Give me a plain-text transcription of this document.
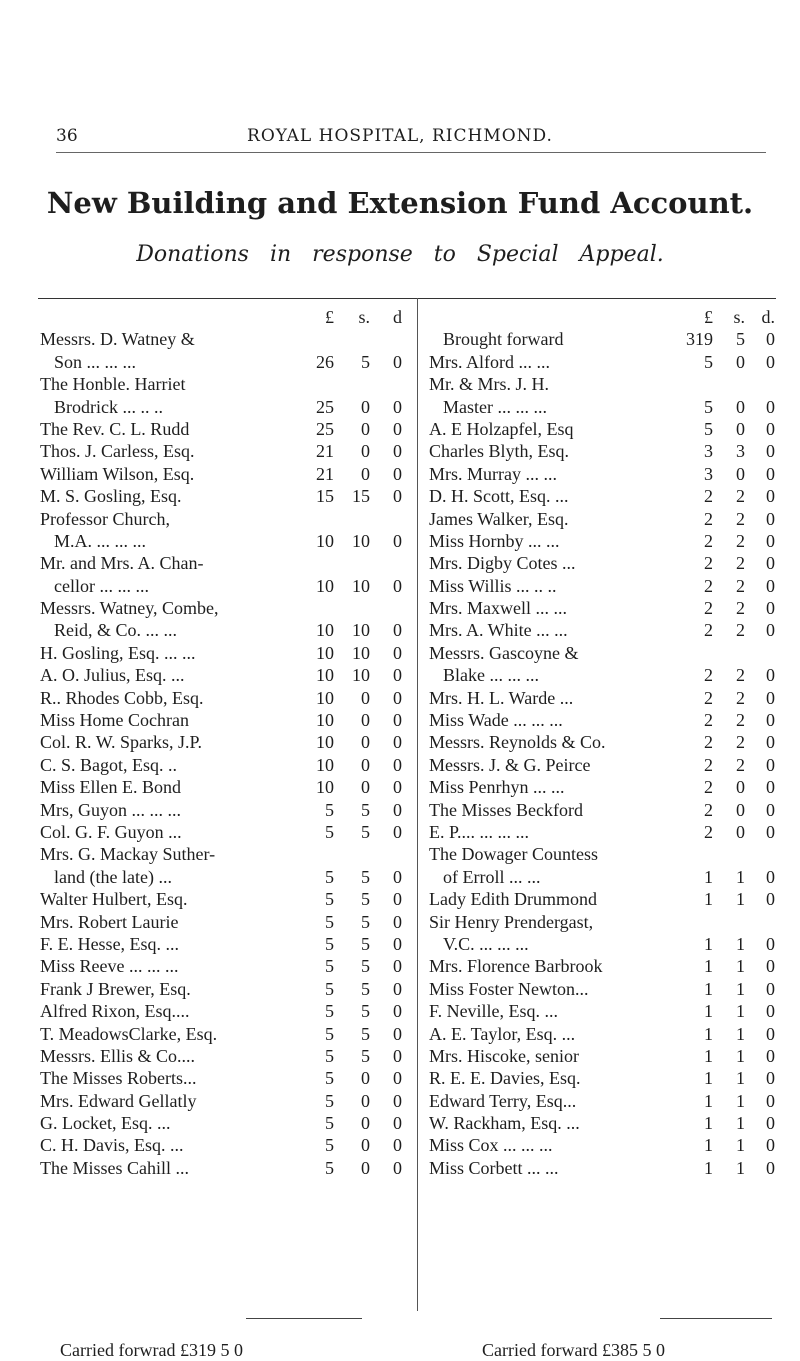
36	ROYAL HOSPITAL, RICHMOND.
New Building and Extension Fund Account.
Donations in response to Special Appeal.
£	s.	d
Messrs. D. Watney &
Son ... ... ...	26	5	0
The Honble. Harriet
Brodrick ... .. ..	25	0	0
The Rev. C. L. Rudd	25	0	0
Thos. J. Carless, Esq.	21	0	0
William Wilson, Esq.	21	0	0
M. S. Gosling, Esq.	15	15	0
Professor Church,
M.A. ... ... ...	10	10	0
Mr. and Mrs. A. Chan-
cellor ... ... ...	10	10	0
Messrs. Watney, Combe,
Reid, & Co. ... ...	10	10	0
H. Gosling, Esq. ... ...	10	10	0
A. O. Julius, Esq. ...	10	10	0
R.. Rhodes Cobb, Esq.	10	0	0
Miss Home Cochran	10	0	0
Col. R. W. Sparks, J.P.	10	0	0
C. S. Bagot, Esq. ..	10	0	0
Miss Ellen E. Bond	10	0	0
Mrs, Guyon ... ... ...	5	5	0
Col. G. F. Guyon ...	5	5	0
Mrs. G. Mackay Suther-
land (the late) ...	5	5	0
Walter Hulbert, Esq.	5	5	0
Mrs. Robert Laurie	5	5	0
F. E. Hesse, Esq. ...	5	5	0
Miss Reeve ... ... ...	5	5	0
Frank J Brewer, Esq.	5	5	0
Alfred Rixon, Esq....	5	5	0
T. MeadowsClarke, Esq.	5	5	0
Messrs. Ellis & Co....	5	5	0
The Misses Roberts...	5	0	0
Mrs. Edward Gellatly	5	0	0
G. Locket, Esq. ...	5	0	0
C. H. Davis, Esq. ...	5	0	0
The Misses Cahill ...	5	0	0
£	s. d.
Brought forward	319	5	0
Mrs. Alford ... ...	5	0	0
Mr. & Mrs. J. H.
Master ... ... ...	5	0	0
A. E Holzapfel, Esq	5	0	0
Charles Blyth, Esq.	3	3	0
Mrs. Murray ... ...	3	0	0
D. H. Scott, Esq. ...	2	2	0
James Walker, Esq.	2	2	0
Miss Hornby ... ...	2	2	0
Mrs. Digby Cotes ...	2	2	0
Miss Willis ... .. ..	2	2	0
Mrs. Maxwell ... ...	2	2	0
Mrs. A. White ... ...	2	2	0
Messrs. Gascoyne &
Blake ... ... ...	2	2	0
Mrs. H. L. Warde ...	2	2	0
Miss Wade ... ... ...	2	2	0
Messrs. Reynolds & Co.	2	2	0
Messrs. J. & G. Peirce	2	2	0
Miss Penrhyn ... ...	2	0	0
The Misses Beckford	2	0	0
E. P.... ... ... ...	2	0	0
The Dowager Countess
of Erroll ... ...	1	1	0
Lady Edith Drummond	1	1	0
Sir Henry Prendergast,
V.C. ... ... ...	1	1	0
Mrs. Florence Barbrook	1	1	0
Miss Foster Newton...	1	1	0
F. Neville, Esq. ...	1	1	0
A. E. Taylor, Esq. ...	1	1	0
Mrs. Hiscoke, senior	1	1	0
R. E. E. Davies, Esq.	1	1	0
Edward Terry, Esq...	1	1	0
W. Rackham, Esq. ...	1	1	0
Miss Cox ... ... ...	1	1	0
Miss Corbett ... ...	1	1	0
Carried forwrad £319 5 0	Carried forward £385 5 0
